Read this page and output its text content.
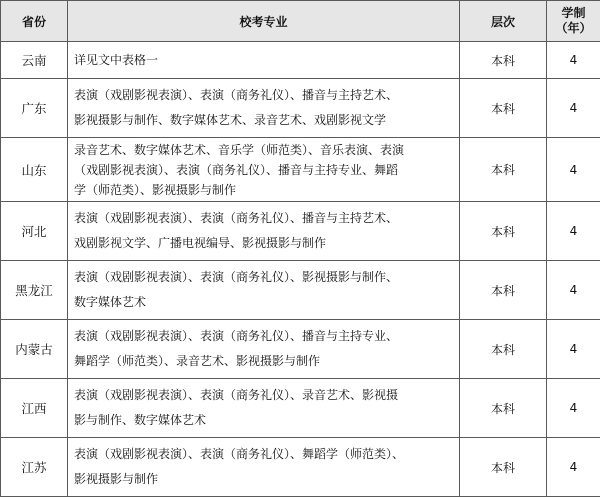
省份	校考专业	层次	学制
（年）

云南	详见文中表格一	本科	4
广东	表演（戏剧影视表演）、表演（商务礼仪）、播音与主持艺术、
影视摄影与制作、数字媒体艺术、录音艺术、戏剧影视文学	本科	4
山东	录音艺术、数字媒体艺术、音乐学（师范类）、音乐表演、表演
（戏剧影视表演）、表演（商务礼仪）、播音与主持专业、舞蹈
学（师范类）、影视摄影与制作	本科	4
河北	表演（戏剧影视表演）、表演（商务礼仪）、播音与主持艺术、
戏剧影视文学、广播电视编导、影视摄影与制作	本科	4
黑龙江	表演（戏剧影视表演）、表演（商务礼仪）、影视摄影与制作、
数字媒体艺术	本科	4
内蒙古	表演（戏剧影视表演）、表演（商务礼仪）、播音与主持专业、
舞蹈学（师范类）、录音艺术、影视摄影与制作	本科	4
江西	表演（戏剧影视表演）、表演（商务礼仪）、录音艺术、影视摄
影与制作、数字媒体艺术	本科	4
江苏	表演（戏剧影视表演）、表演（商务礼仪）、舞蹈学（师范类）、
影视摄影与制作	本科	4
